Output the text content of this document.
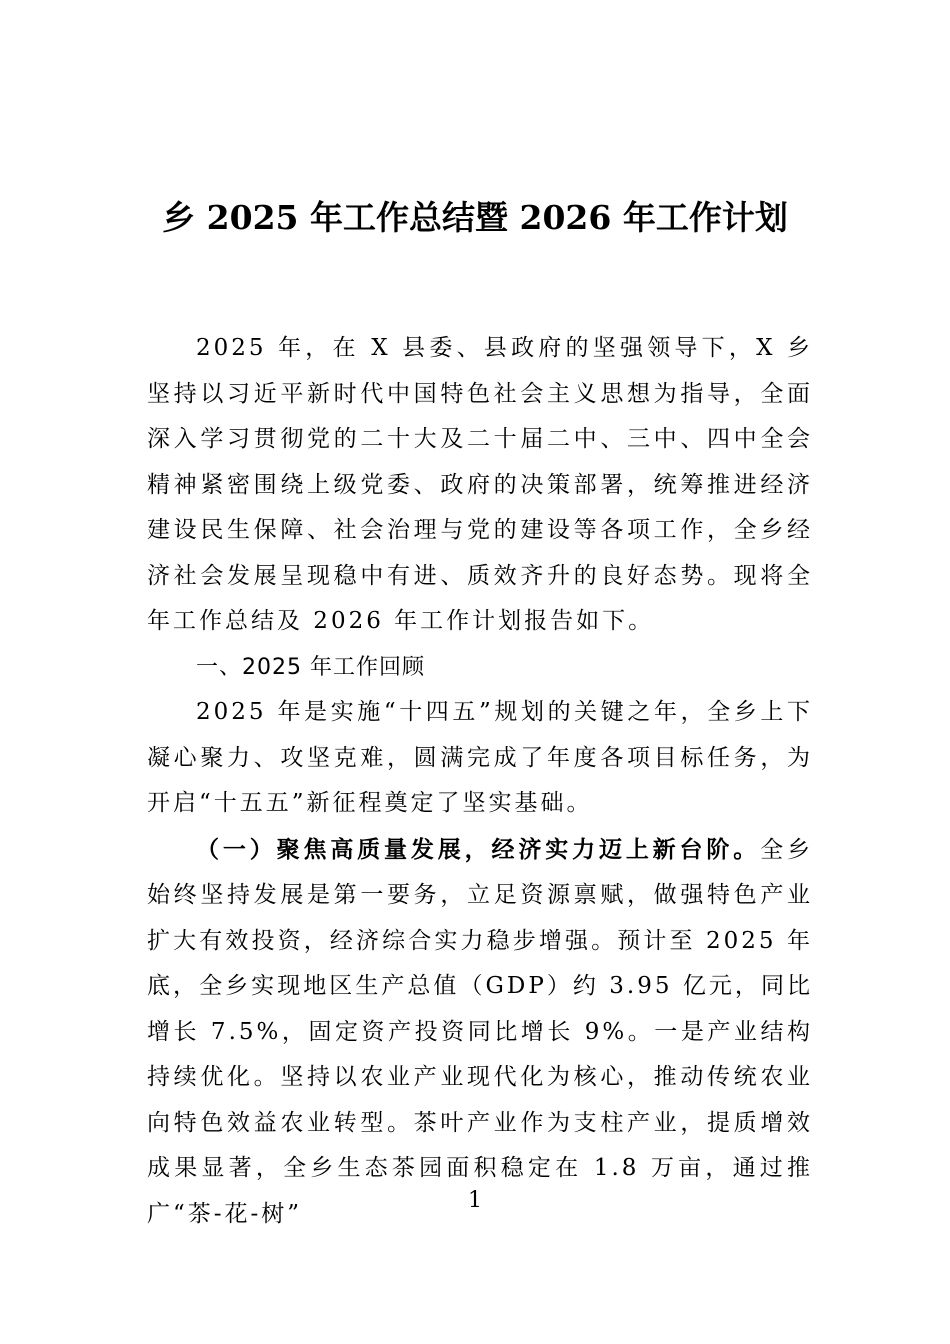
乡 2025 年工作总结暨 2026 年工作计划

2025 年，在 X 县委、县政府的坚强领导下，X 乡坚持以习近平新时代中国特色社会主义思想为指导，全面深入学习贯彻党的二十大及二十届二中、三中、四中全会精神紧密围绕上级党委、政府的决策部署，统筹推进经济建设民生保障、社会治理与党的建设等各项工作，全乡经济社会发展呈现稳中有进、质效齐升的良好态势。现将全年工作总结及 2026 年工作计划报告如下。

一、2025 年工作回顾

2025 年是实施“十四五”规划的关键之年，全乡上下凝心聚力、攻坚克难，圆满完成了年度各项目标任务，为开启“十五五”新征程奠定了坚实基础。

（一）聚焦高质量发展，经济实力迈上新台阶。全乡始终坚持发展是第一要务，立足资源禀赋，做强特色产业扩大有效投资，经济综合实力稳步增强。预计至 2025 年底，全乡实现地区生产总值（GDP）约 3.95 亿元，同比增长 7.5%，固定资产投资同比增长 9%。一是产业结构持续优化。坚持以农业产业现代化为核心，推动传统农业向特色效益农业转型。茶叶产业作为支柱产业，提质增效成果显著，全乡生态茶园面积稳定在 1.8 万亩，通过推广“茶-花-树”	1
